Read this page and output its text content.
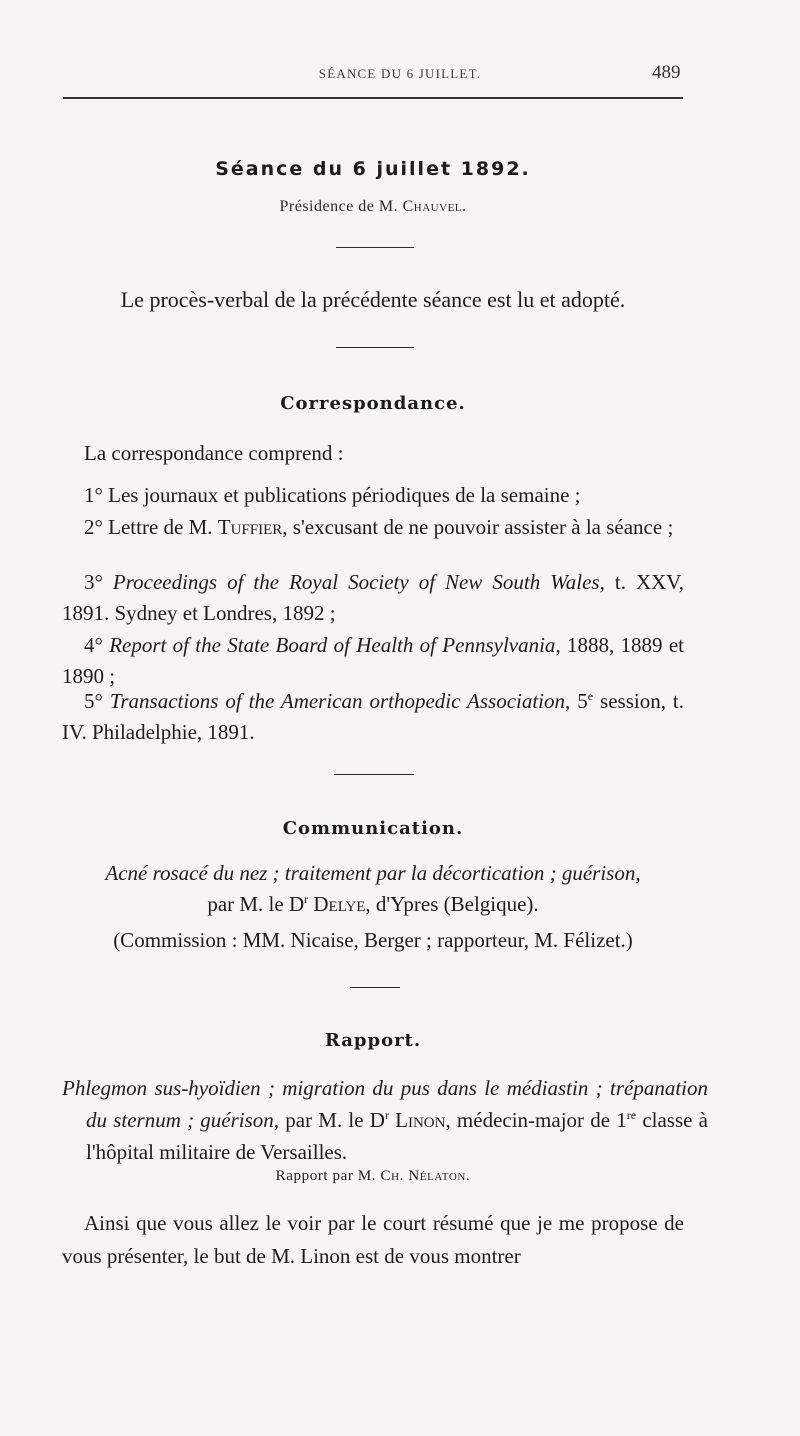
SÉANCE DU 6 JUILLET.	489
Séance du 6 juillet 1892.
Présidence de M. Chauvel.
Le procès-verbal de la précédente séance est lu et adopté.
Correspondance.
La correspondance comprend :
1° Les journaux et publications périodiques de la semaine ;
2° Lettre de M. Tuffier, s'excusant de ne pouvoir assister à la séance ;
3° Proceedings of the Royal Society of New South Wales, t. XXV, 1891. Sydney et Londres, 1892 ;
4° Report of the State Board of Health of Pennsylvania, 1888, 1889 et 1890 ;
5° Transactions of the American orthopedic Association, 5e session, t. IV. Philadelphie, 1891.
Communication.
Acné rosacé du nez ; traitement par la décortication ; guérison,
par M. le $D^r$ Delye, d'Ypres (Belgique).
(Commission : MM. Nicaise, Berger ; rapporteur, M. Félizet.)
Rapport.
Phlegmon sus-hyoïdien ; migration du pus dans le médiastin ; trépanation du sternum ; guérison, par M. le $D^r$ Linon, médecin-major de 1re classe à l'hôpital militaire de Versailles.
Rapport par M. Ch. Nélaton.
Ainsi que vous allez le voir par le court résumé que je me propose de vous présenter, le but de M. Linon est de vous montrer
